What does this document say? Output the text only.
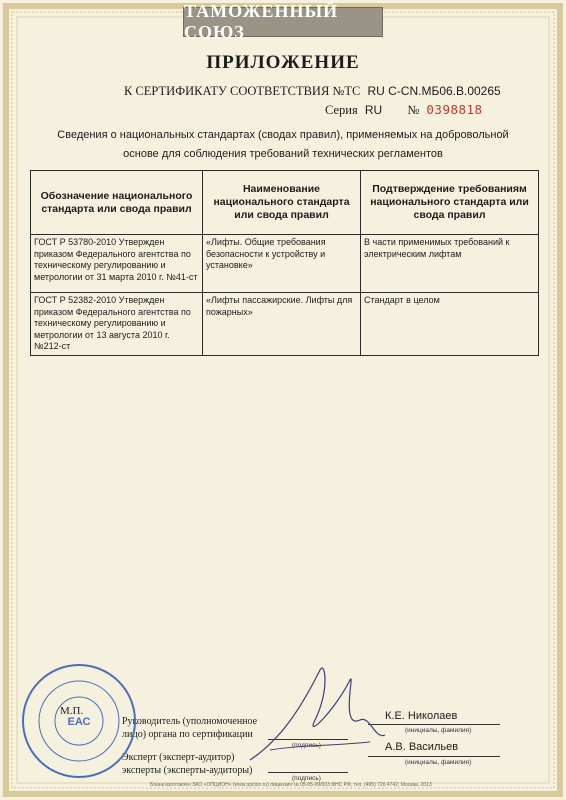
ТАМОЖЕННЫЙ СОЮЗ
ПРИЛОЖЕНИЕ
К СЕРТИФИКАТУ СООТВЕТСТВИЯ №ТС RU C-CN.МБ06.В.00265
Серия RU № 0398818
Сведения о национальных стандартах (сводах правил), применяемых на добровольной основе для соблюдения требований технических регламентов
Обозначение национального стандарта или свода правил	Наименование национального стандарта или свода правил	Подтверждение требованиям национального стандарта или свода правил
ГОСТ Р 53780-2010 Утвержден приказом Федерального агентства по техническому регулированию и метрологии от 31 марта 2010 г. №41-ст	«Лифты. Общие требования безопасности к устройству и установке»	В части применимых требований к электрическим лифтам
ГОСТ Р 52382-2010 Утвержден приказом Федерального агентства по техническому регулированию и метрологии от 13 августа 2010 г. №212-ст	«Лифты пассажирские. Лифты для пожарных»	Стандарт в целом
Руководитель (уполномоченное
лицо) органа по сертификации
(подпись)
К.Е. Николаев
(инициалы, фамилия)
Эксперт (эксперт-аудитор)
эксперты (эксперты-аудиторы)
(подпись)
А.В. Васильев
(инициалы, фамилия)
ЕАС
М.П.
Бланк изготовлен ЗАО «ОПЦИОН» (www.opcion.ru) лицензия № 05-05-09/003 ФНС РФ, тел. (495) 726 4742, Москва, 2013
